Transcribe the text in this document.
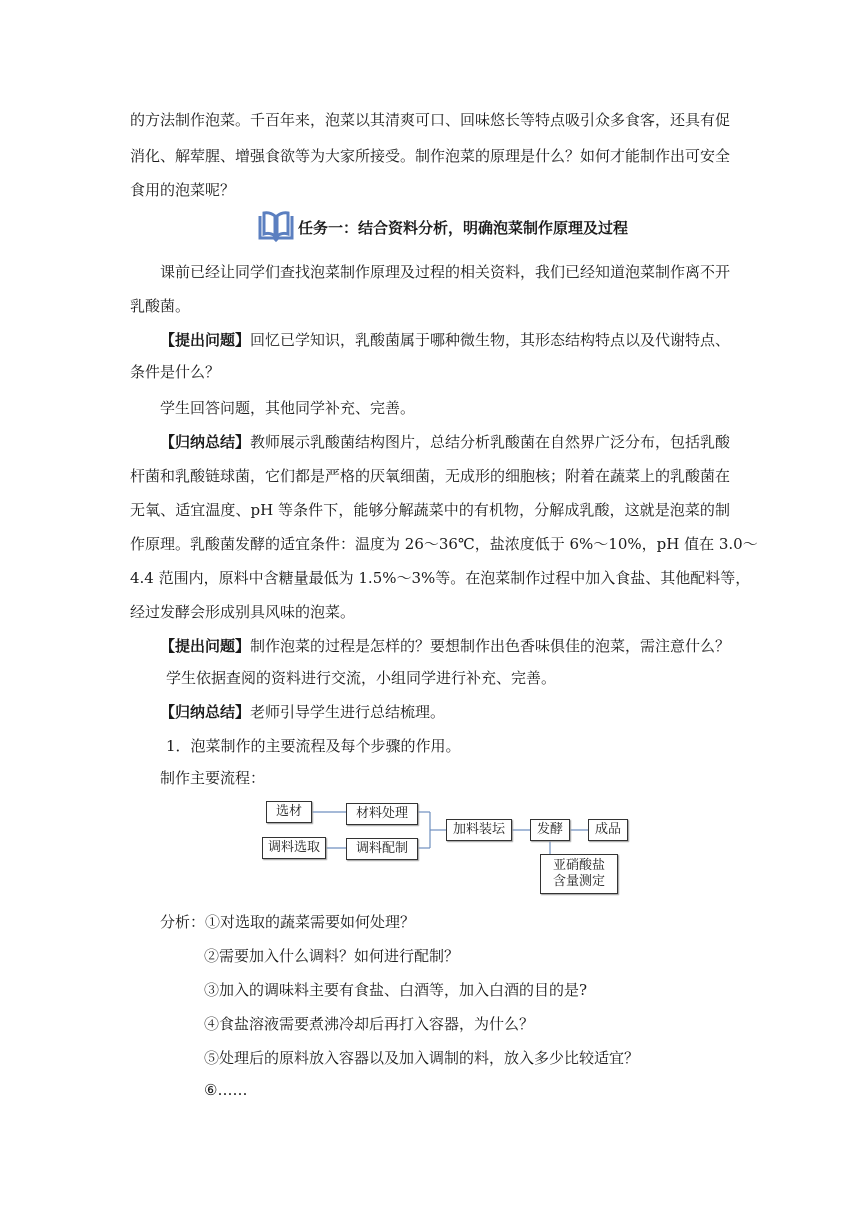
的方法制作泡菜。千百年来，泡菜以其清爽可口、回味悠长等特点吸引众多食客，还具有促
消化、解荤腥、增强食欲等为大家所接受。制作泡菜的原理是什么？如何才能制作出可安全
食用的泡菜呢？
任务一：结合资料分析，明确泡菜制作原理及过程
课前已经让同学们查找泡菜制作原理及过程的相关资料，我们已经知道泡菜制作离不开
乳酸菌。
【提出问题】回忆已学知识，乳酸菌属于哪种微生物，其形态结构特点以及代谢特点、
条件是什么？
学生回答问题，其他同学补充、完善。
【归纳总结】教师展示乳酸菌结构图片，总结分析乳酸菌在自然界广泛分布，包括乳酸
杆菌和乳酸链球菌，它们都是严格的厌氧细菌，无成形的细胞核；附着在蔬菜上的乳酸菌在
无氧、适宜温度、pH 等条件下，能够分解蔬菜中的有机物，分解成乳酸，这就是泡菜的制
作原理。乳酸菌发酵的适宜条件：温度为 26～36℃，盐浓度低于 6%～10%，pH 值在 3.0～
4.4 范围内，原料中含糖量最低为 1.5%～3%等。在泡菜制作过程中加入食盐、其他配料等，
经过发酵会形成别具风味的泡菜。
【提出问题】制作泡菜的过程是怎样的？要想制作出色香味俱佳的泡菜，需注意什么？
学生依据查阅的资料进行交流，小组同学进行补充、完善。
【归纳总结】老师引导学生进行总结梳理。
1．泡菜制作的主要流程及每个步骤的作用。
制作主要流程：
选材	材料处理
调料选取	调料配制
加料装坛	发酵	成品
亚硝酸盐
含量测定
分析：①对选取的蔬菜需要如何处理？
②需要加入什么调料？如何进行配制？
③加入的调味料主要有食盐、白酒等，加入白酒的目的是?
④食盐溶液需要煮沸冷却后再打入容器，为什么？
⑤处理后的原料放入容器以及加入调制的料，放入多少比较适宜？
⑥……
